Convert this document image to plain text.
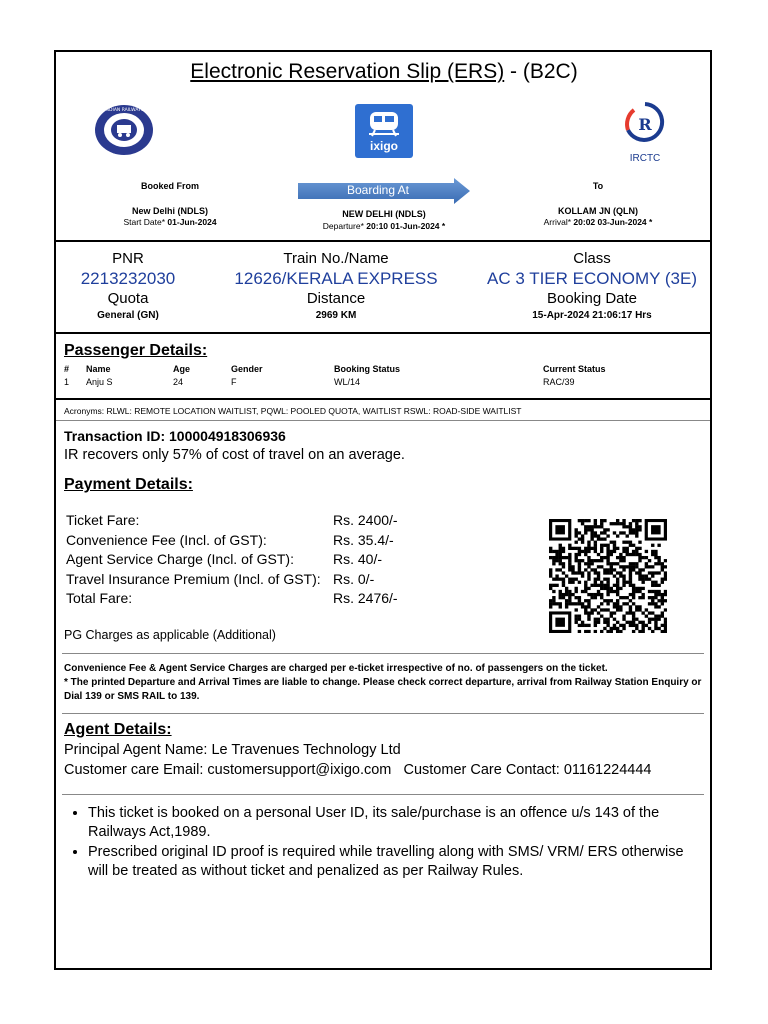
Electronic Reservation Slip (ERS) - (B2C)
INDIAN RAILWAYS
ixigo
R
IRCTC
Booked From
New Delhi (NDLS)
Start Date* 01-Jun-2024
Boarding At
NEW DELHI (NDLS)
Departure* 20:10 01-Jun-2024 *
To
KOLLAM JN (QLN)
Arrival* 20:02 03-Jun-2024 *
PNR
2213232030
Quota
General (GN)
Train No./Name
12626/KERALA EXPRESS
Distance
2969 KM
Class
AC 3 TIER ECONOMY (3E)
Booking Date
15-Apr-2024 21:06:17 Hrs
Passenger Details:
# Name	Age	Gender	Booking Status	Current Status
1 Anju S	24	F	WL/14	RAC/39
Acronyms: RLWL: REMOTE LOCATION WAITLIST, PQWL: POOLED QUOTA, WAITLIST RSWL: ROAD-SIDE WAITLIST
Transaction ID: 100004918306936
IR recovers only 57% of cost of travel on an average.
Payment Details:
Ticket Fare:	Rs. 2400/-
Convenience Fee (Incl. of GST):	Rs. 35.4/-
Agent Service Charge (Incl. of GST):	Rs. 40/-
Travel Insurance Premium (Incl. of GST): Rs. 0/-
Total Fare:	Rs. 2476/-
PG Charges as applicable (Additional)
Convenience Fee & Agent Service Charges are charged per e-ticket irrespective of no. of passengers on the ticket.
* The printed Departure and Arrival Times are liable to change. Please check correct departure, arrival from Railway Station Enquiry or Dial 139 or SMS RAIL to 139.
Agent Details:
Principal Agent Name: Le Travenues Technology Ltd
Customer care Email: customersupport@ixigo.com Customer Care Contact: 01161224444
• This ticket is booked on a personal User ID, its sale/purchase is an offence u/s 143 of the Railways Act,1989.
• Prescribed original ID proof is required while travelling along with SMS/ VRM/ ERS otherwise will be treated as without ticket and penalized as per Railway Rules.
